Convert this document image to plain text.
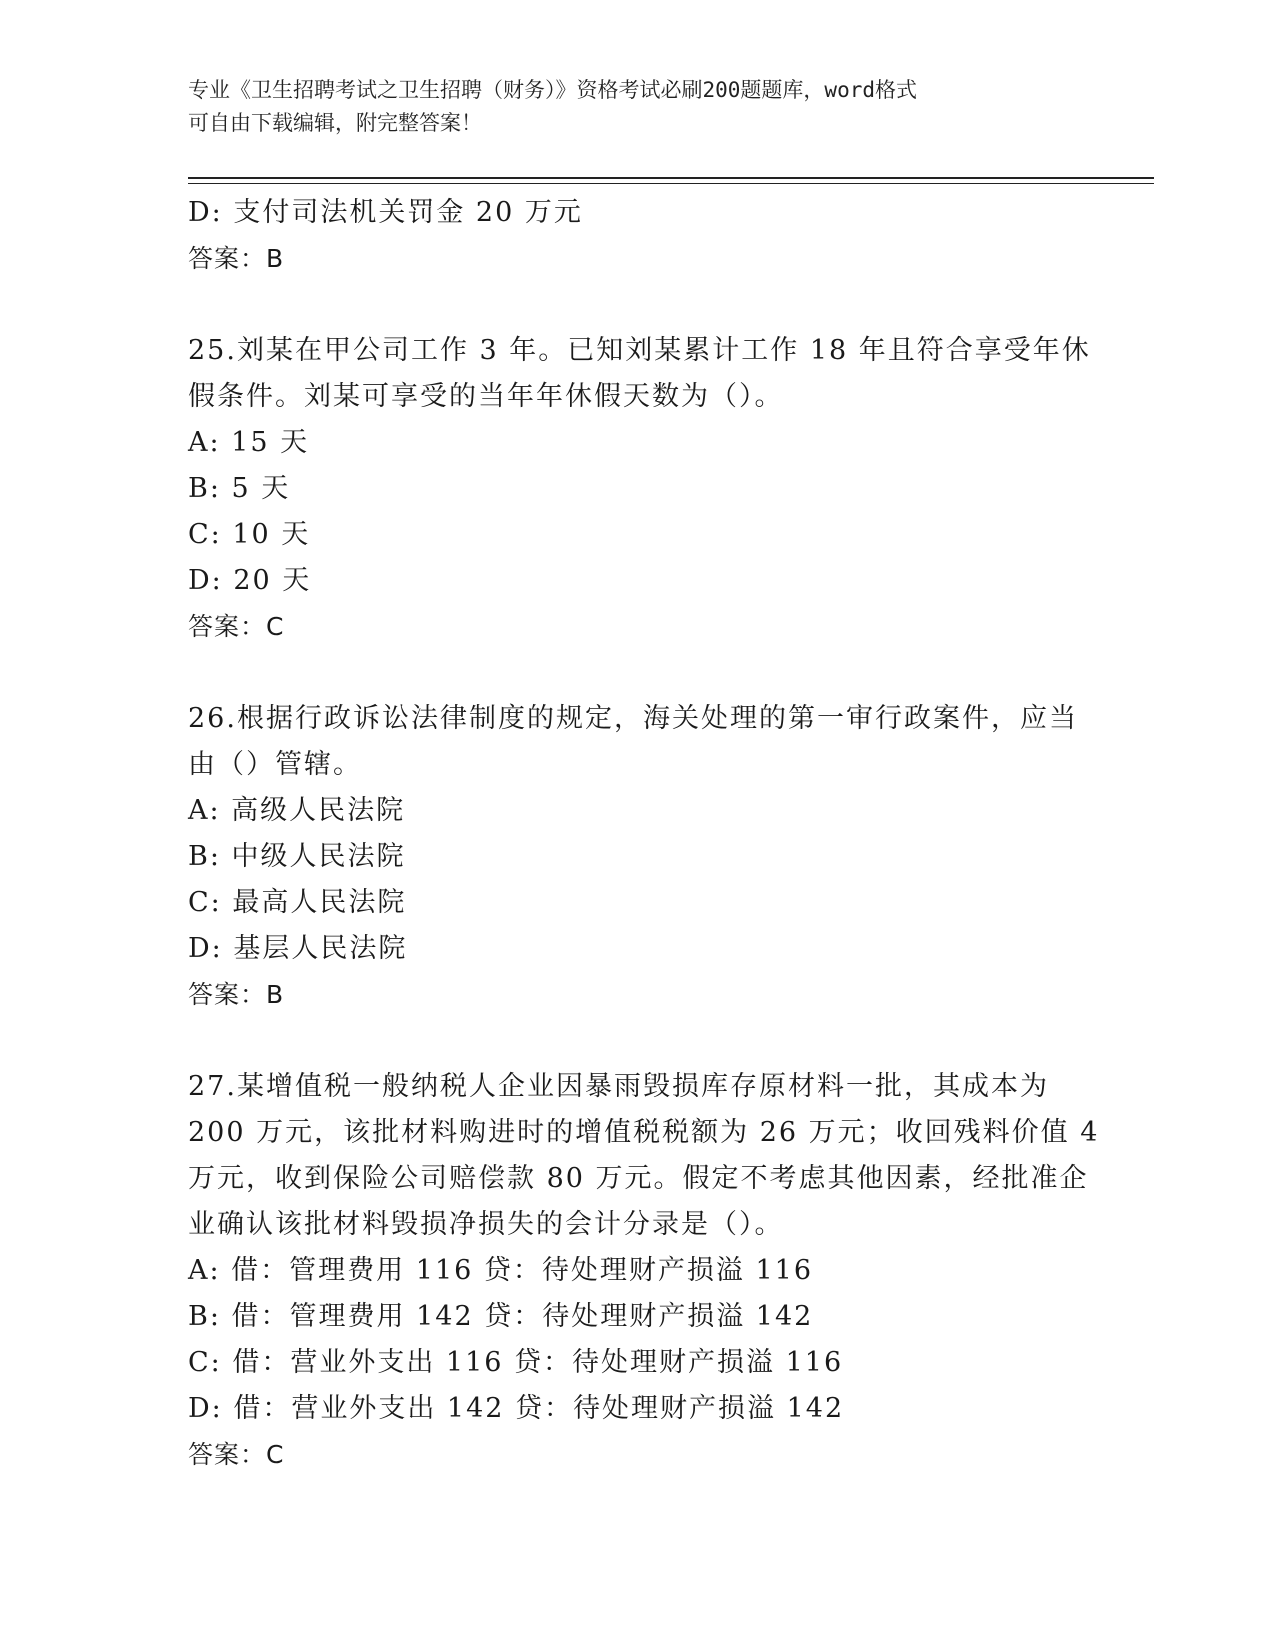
专业《卫生招聘考试之卫生招聘（财务）》资格考试必刷200题题库，word格式
可自由下载编辑，附完整答案！
D: 支付司法机关罚金 20 万元
答案：B
25.刘某在甲公司工作 3 年。已知刘某累计工作 18 年且符合享受年休
假条件。刘某可享受的当年年休假天数为（）。
A: 15 天
B: 5 天
C: 10 天
D: 20 天
答案：C
26.根据行政诉讼法律制度的规定，海关处理的第一审行政案件，应当
由（）管辖。
A: 高级人民法院
B: 中级人民法院
C: 最高人民法院
D: 基层人民法院
答案：B
27.某增值税一般纳税人企业因暴雨毁损库存原材料一批，其成本为
200 万元，该批材料购进时的增值税税额为 26 万元；收回残料价值 4
万元，收到保险公司赔偿款 80 万元。假定不考虑其他因素，经批准企
业确认该批材料毁损净损失的会计分录是（）。
A: 借：管理费用 116 贷：待处理财产损溢 116
B: 借：管理费用 142 贷：待处理财产损溢 142
C: 借：营业外支出 116 贷：待处理财产损溢 116
D: 借：营业外支出 142 贷：待处理财产损溢 142
答案：C
